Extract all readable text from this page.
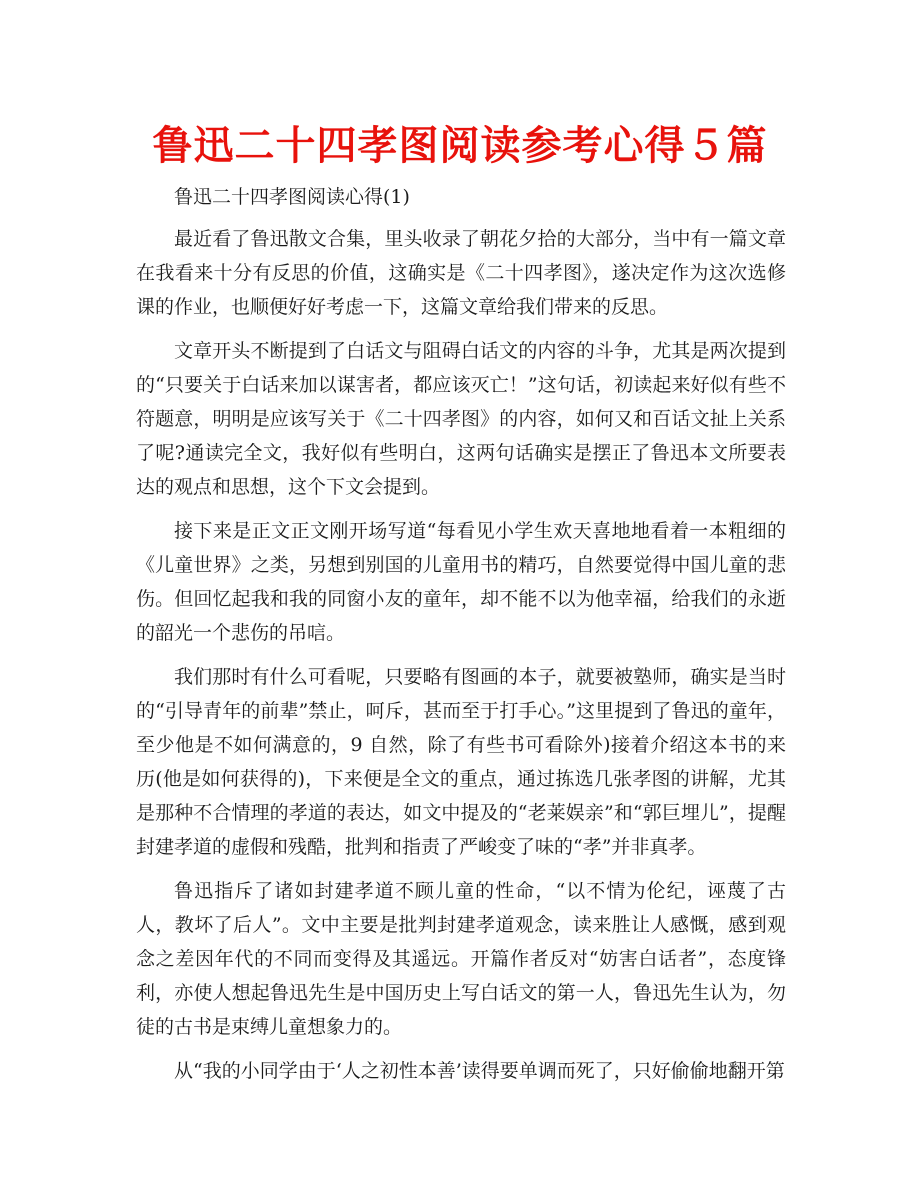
鲁迅二十四孝图阅读参考心得５篇

鲁迅二十四孝图阅读心得(1)

最近看了鲁迅散文合集，里头收录了朝花夕拾的大部分，当中有一篇文章在我看来十分有反思的价值，这确实是《二十四孝图》，遂决定作为这次选修课的作业，也顺便好好考虑一下，这篇文章给我们带来的反思。

文章开头不断提到了白话文与阻碍白话文的内容的斗争，尤其是两次提到的“只要关于白话来加以谋害者，都应该灭亡！”这句话，初读起来好似有些不符题意，明明是应该写关于《二十四孝图》的内容，如何又和百话文扯上关系了呢?通读完全文，我好似有些明白，这两句话确实是摆正了鲁迅本文所要表达的观点和思想，这个下文会提到。

接下来是正文正文刚开场写道“每看见小学生欢天喜地地看着一本粗细的《儿童世界》之类，另想到别国的儿童用书的精巧，自然要觉得中国儿童的悲伤。但回忆起我和我的同窗小友的童年，却不能不以为他幸福，给我们的永逝的韶光一个悲伤的吊唁。

我们那时有什么可看呢，只要略有图画的本子，就要被塾师，确实是当时的“引导青年的前辈”禁止，呵斥，甚而至于打手心。”这里提到了鲁迅的童年，至少他是不如何满意的，9 自然，除了有些书可看除外)接着介绍这本书的来历(他是如何获得的)，下来便是全文的重点，通过拣选几张孝图的讲解，尤其是那种不合情理的孝道的表达，如文中提及的“老莱娱亲”和“郭巨埋儿”，提醒封建孝道的虚假和残酷，批判和指责了严峻变了味的“孝”并非真孝。

鲁迅指斥了诸如封建孝道不顾儿童的性命，“以不情为伦纪，诬蔑了古人，教坏了后人”。文中主要是批判封建孝道观念，读来胜让人感慨，感到观念之差因年代的不同而变得及其遥远。开篇作者反对“妨害白话者”，态度锋利，亦使人想起鲁迅先生是中国历史上写白话文的第一人，鲁迅先生认为，勿徒的古书是束缚儿童想象力的。

从“我的小同学由于‘人之初性本善’读得要单调而死了，只好偷偷地翻开第
